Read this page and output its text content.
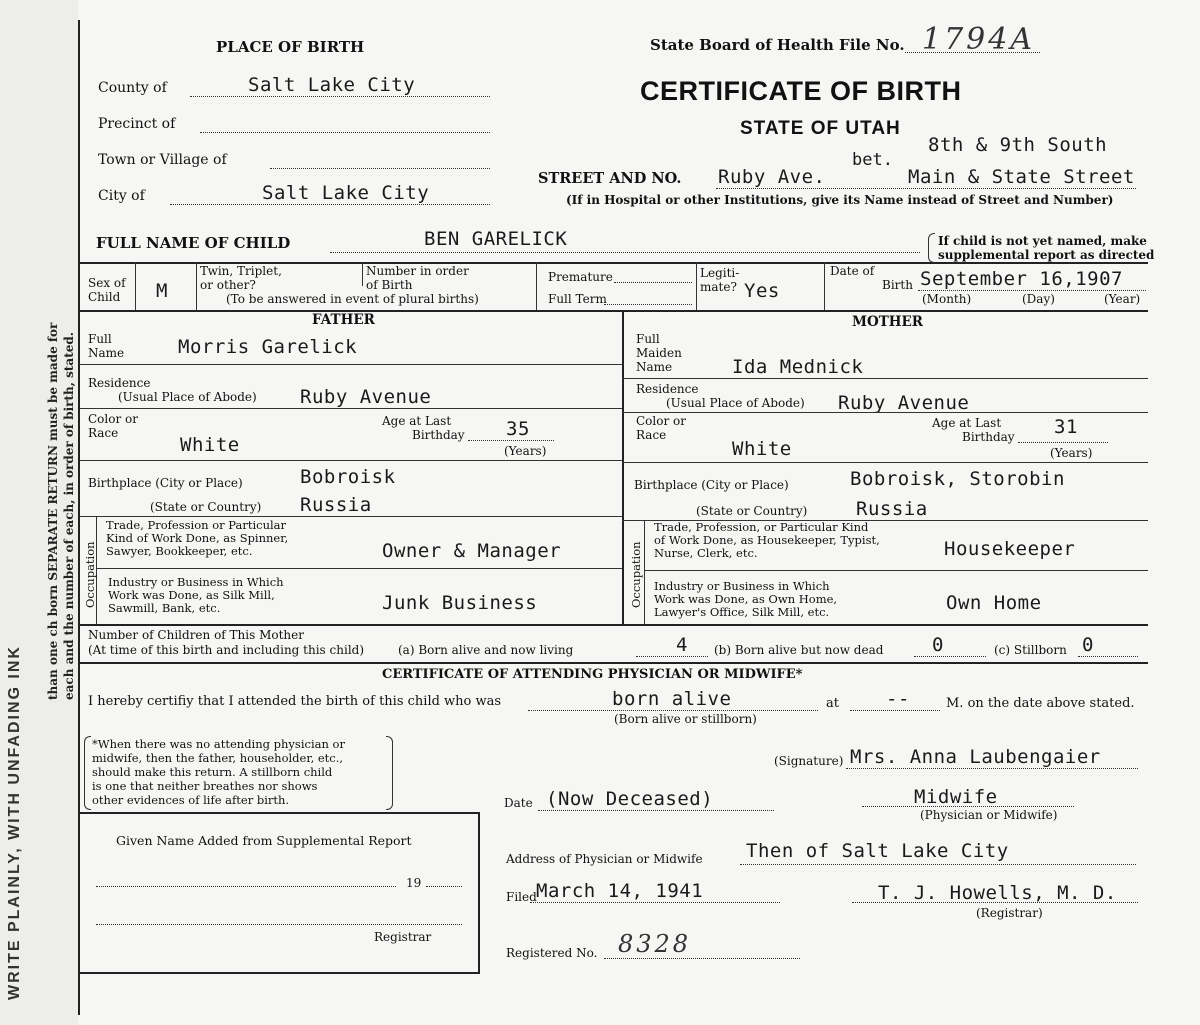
WRITE PLAINLY, WITH UNFADING INK
than one ch born SEPARATE RETURN must be made for each and the number of each, in order of birth, stated.
PLACE OF BIRTH	State Board of Health File No. 1794A
CERTIFICATE OF BIRTH
STATE OF UTAH
County of	Salt Lake City
Precinct of
Town or Village of
City of	Salt Lake City
STREET AND NO. Ruby Ave.
bet.
8th & 9th South
Main & State Street
(If in Hospital or other Institutions, give its Name instead of Street and Number)
FULL NAME OF CHILD	BEN GARELICK	If child is not yet named, make
supplemental report as directed
Sex of
Child M
Twin, Triplet,
or other?
Number in order
of Birth
(To be answered in event of plural births)
Premature
Full Term
Legiti-
mate? Yes
Date of
Birth September 16,1907
(Month)	(Day)	(Year)
FATHER
Full
Name	Morris Garelick
Residence
(Usual Place of Abode) Ruby Avenue
Color or
Race
White
Age at Last
Birthday 35
(Years)
Birthplace (City or Place)	Bobroisk
(State or Country) Russia
Occupation
Trade, Profession or Particular
Kind of Work Done, as Spinner,
Sawyer, Bookkeeper, etc.	Owner & Manager
Industry or Business in Which
Work was Done, as Silk Mill,
Sawmill, Bank, etc.	Junk Business
MOTHER
Full
Maiden
Name	Ida Mednick
Residence
(Usual Place of Abode) Ruby Avenue
Color or
Race
White
Age at Last
Birthday 31
(Years)
Birthplace (City or Place)	Bobroisk, Storobin
(State or Country)	Russia
Occupation
Trade, Profession, or Particular Kind
of Work Done, as Housekeeper, Typist,
Nurse, Clerk, etc.	Housekeeper
Industry or Business in Which
Work was Done, as Own Home,
Lawyer's Office, Silk Mill, etc.	Own Home
Number of Children of This Mother
(At time of this birth and including this child)	(a) Born alive and now living	4 (b) Born alive but now dead	0	(c) Stillborn 0
CERTIFICATE OF ATTENDING PHYSICIAN OR MIDWIFE*
I hereby certifiy that I attended the birth of this child who was	born alive
(Born alive or stillborn)
at --	M. on the date above stated.
*When there was no attending physician or
midwife, then the father, householder, etc.,
should make this return. A stillborn child
is one that neither breathes nor shows
other evidences of life after birth.
(Signature) Mrs. Anna Laubengaier
Date (Now Deceased)	Midwife
(Physician or Midwife)
Address of Physician or Midwife Then of Salt Lake City
Filed March 14, 1941	T. J. Howells, M. D.
(Registrar)
Registered No. 8328
Given Name Added from Supplemental Report
19
Registrar
